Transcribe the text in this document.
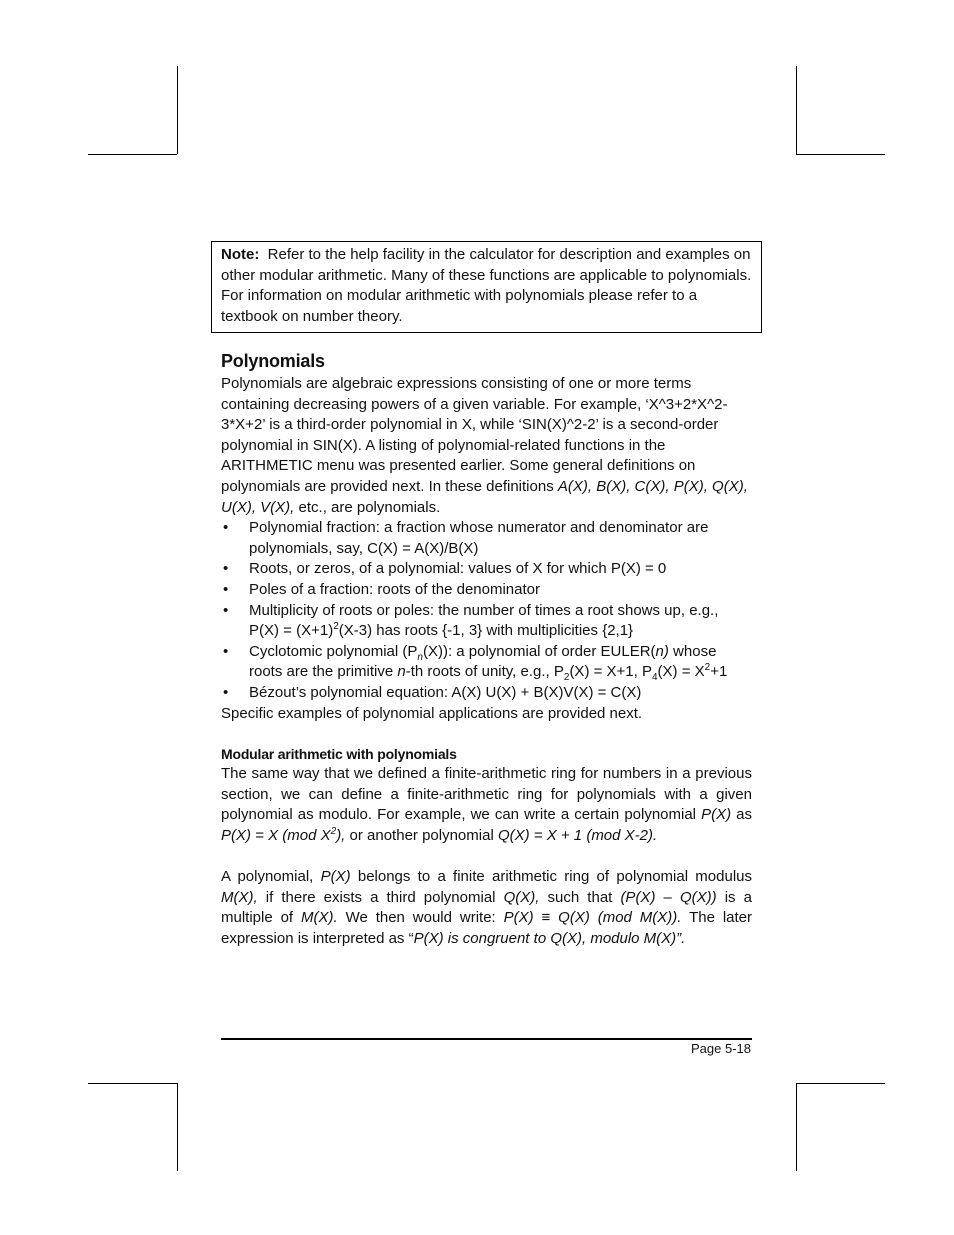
Note: Refer to the help facility in the calculator for description and examples on other modular arithmetic. Many of these functions are applicable to polynomials. For information on modular arithmetic with polynomials please refer to a textbook on number theory.
Polynomials

Polynomials are algebraic expressions consisting of one or more terms containing decreasing powers of a given variable. For example, ‘X^3+2*X^2-3*X+2’ is a third-order polynomial in X, while ‘SIN(X)^2-2’ is a second-order polynomial in SIN(X). A listing of polynomial-related functions in the ARITHMETIC menu was presented earlier. Some general definitions on polynomials are provided next. In these definitions A(X), B(X), C(X), P(X), Q(X), U(X), V(X), etc., are polynomials.

• Polynomial fraction: a fraction whose numerator and denominator are polynomials, say, C(X) = A(X)/B(X)
• Roots, or zeros, of a polynomial: values of X for which P(X) = 0
• Poles of a fraction: roots of the denominator
• Multiplicity of roots or poles: the number of times a root shows up, e.g., $P(X) = (X+1)^2(X-3)$ has roots {-1, 3} with multiplicities {2,1}
• Cyclotomic polynomial $(P_n(X))$: a polynomial of order EULER(n) whose roots are the primitive n-th roots of unity, e.g., $P_2(X) = X+1$, $P_4(X) = X^2+1$
• Bézout’s polynomial equation: A(X) U(X) + B(X)V(X) = C(X)

Specific examples of polynomial applications are provided next.

Modular arithmetic with polynomials

The same way that we defined a finite-arithmetic ring for numbers in a previous section, we can define a finite-arithmetic ring for polynomials with a given polynomial as modulo. For example, we can write a certain polynomial P(X) as P(X) = X (mod $X^2$), or another polynomial Q(X) = X + 1 (mod X-2).

A polynomial, P(X) belongs to a finite arithmetic ring of polynomial modulus M(X), if there exists a third polynomial Q(X), such that (P(X) – Q(X)) is a multiple of M(X). We then would write: P(X) ≡ Q(X) (mod M(X)). The later expression is interpreted as “P(X) is congruent to Q(X), modulo M(X)”.

Page 5-18
